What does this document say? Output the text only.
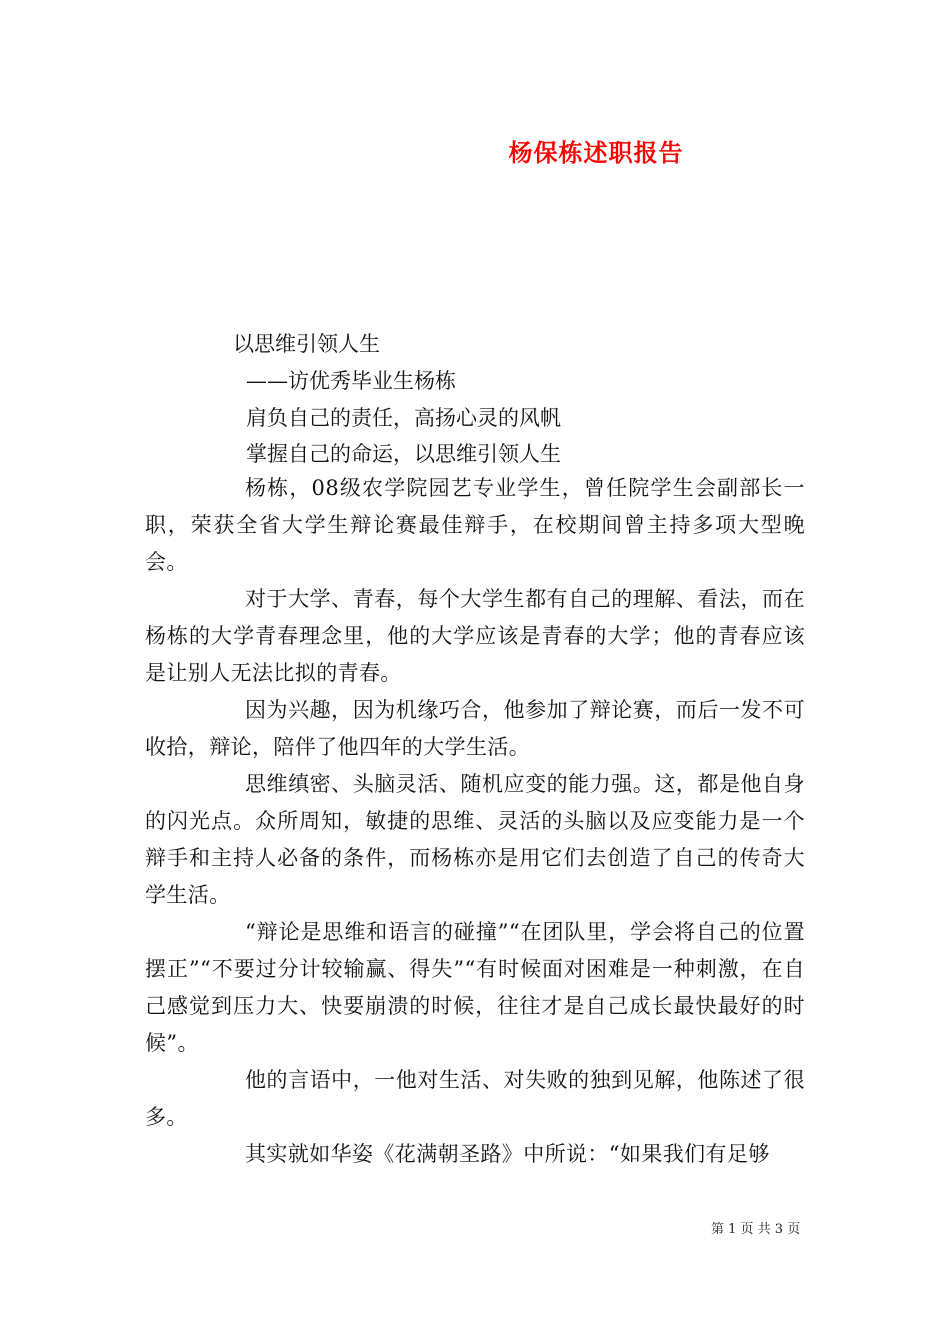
杨保栋述职报告
以思维引领人生
——访优秀毕业生杨栋
肩负自己的责任，高扬心灵的风帆
掌握自己的命运，以思维引领人生

杨栋，08级农学院园艺专业学生，曾任院学生会副部长一职，荣获全省大学生辩论赛最佳辩手，在校期间曾主持多项大型晚会。

对于大学、青春，每个大学生都有自己的理解、看法，而在杨栋的大学青春理念里，他的大学应该是青春的大学；他的青春应该是让别人无法比拟的青春。

因为兴趣，因为机缘巧合，他参加了辩论赛，而后一发不可收拾，辩论，陪伴了他四年的大学生活。

思维缜密、头脑灵活、随机应变的能力强。这，都是他自身的闪光点。众所周知，敏捷的思维、灵活的头脑以及应变能力是一个辩手和主持人必备的条件，而杨栋亦是用它们去创造了自己的传奇大学生活。

“辩论是思维和语言的碰撞”“在团队里，学会将自己的位置摆正”“不要过分计较输赢、得失”“有时候面对困难是一种刺激，在自己感觉到压力大、快要崩溃的时候，往往才是自己成长最快最好的时候”。

他的言语中，一他对生活、对失败的独到见解，他陈述了很多。

其实就如华姿《花满朝圣路》中所说：“如果我们有足够

第 1 页 共 3 页
